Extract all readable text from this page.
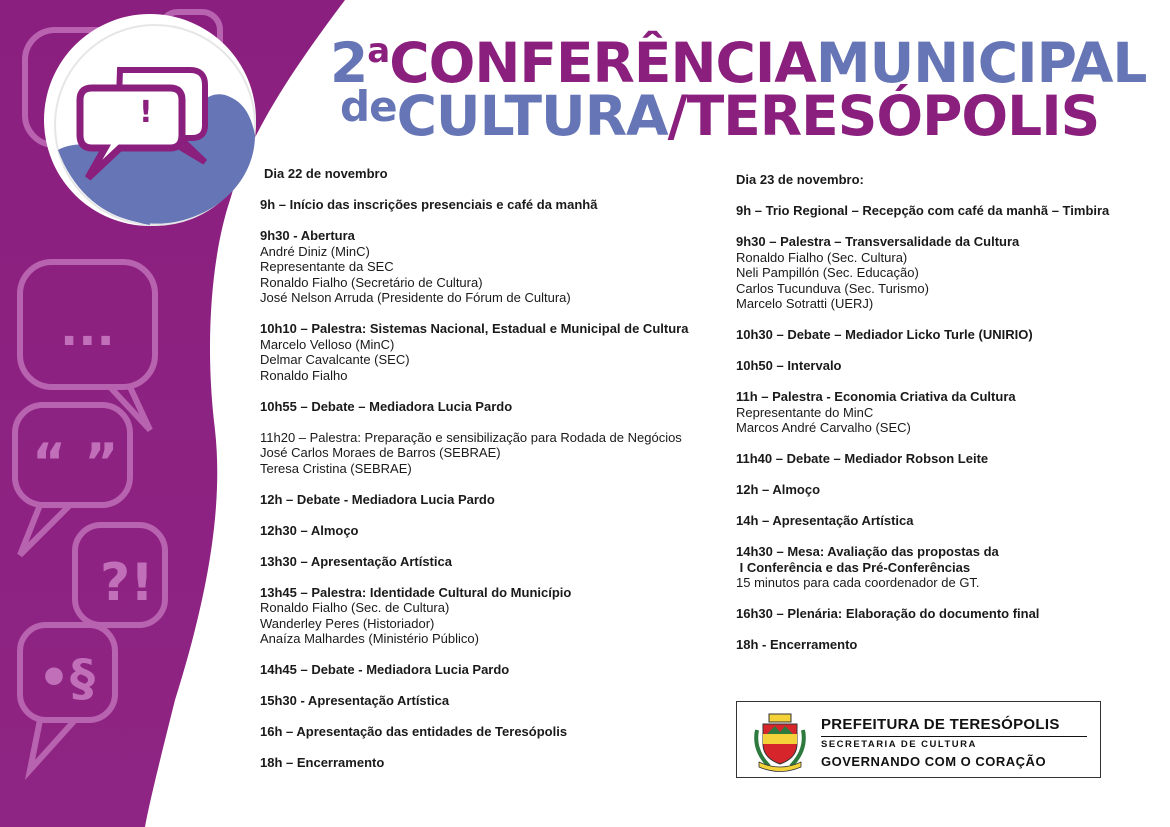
...
“ ”
?!
•§
!
2$^a$CONFERÊNCIAMUNICIPAL
$^{de}$CULTURA/TERESÓPOLIS
Dia 22 de novembro
9h – Início das inscrições presenciais e café da manhã
9h30 - Abertura
André Diniz (MinC)
Representante da SEC
Ronaldo Fialho (Secretário de Cultura)
José Nelson Arruda (Presidente do Fórum de Cultura)
10h10 – Palestra: Sistemas Nacional, Estadual e Municipal de Cultura
Marcelo Velloso (MinC)
Delmar Cavalcante (SEC)
Ronaldo Fialho
10h55 – Debate – Mediadora Lucia Pardo
11h20 – Palestra: Preparação e sensibilização para Rodada de Negócios
José Carlos Moraes de Barros (SEBRAE)
Teresa Cristina (SEBRAE)
12h – Debate - Mediadora Lucia Pardo
12h30 – Almoço
13h30 – Apresentação Artística
13h45 – Palestra: Identidade Cultural do Município
Ronaldo Fialho (Sec. de Cultura)
Wanderley Peres (Historiador)
Anaíza Malhardes (Ministério Público)
14h45 – Debate - Mediadora Lucia Pardo
15h30 - Apresentação Artística
16h – Apresentação das entidades de Teresópolis
18h – Encerramento
Dia 23 de novembro:
9h – Trio Regional – Recepção com café da manhã – Timbira
9h30 – Palestra – Transversalidade da Cultura
Ronaldo Fialho (Sec. Cultura)
Neli Pampillón (Sec. Educação)
Carlos Tucunduva (Sec. Turismo)
Marcelo Sotratti (UERJ)
10h30 – Debate – Mediador Licko Turle (UNIRIO)
10h50 – Intervalo
11h – Palestra - Economia Criativa da Cultura
Representante do MinC
Marcos André Carvalho (SEC)
11h40 – Debate – Mediador Robson Leite
12h – Almoço
14h – Apresentação Artística
14h30 – Mesa: Avaliação das propostas da
I Conferência e das Pré-Conferências
15 minutos para cada coordenador de GT.
16h30 – Plenária: Elaboração do documento final
18h - Encerramento
PREFEITURA DE TERESÓPOLIS
SECRETARIA DE CULTURA
GOVERNANDO COM O CORAÇÃO
